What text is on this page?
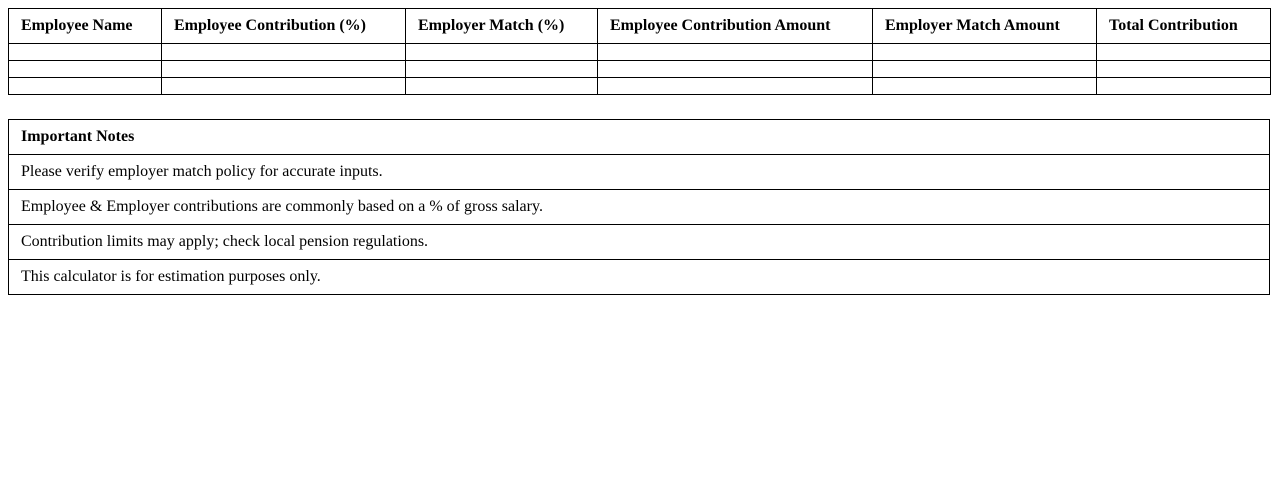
Employee Name	Employee Contribution (%)	Employer Match (%)	Employee Contribution Amount	Employer Match Amount	Total Contribution

Important Notes
Please verify employer match policy for accurate inputs.
Employee & Employer contributions are commonly based on a % of gross salary.
Contribution limits may apply; check local pension regulations.
This calculator is for estimation purposes only.
